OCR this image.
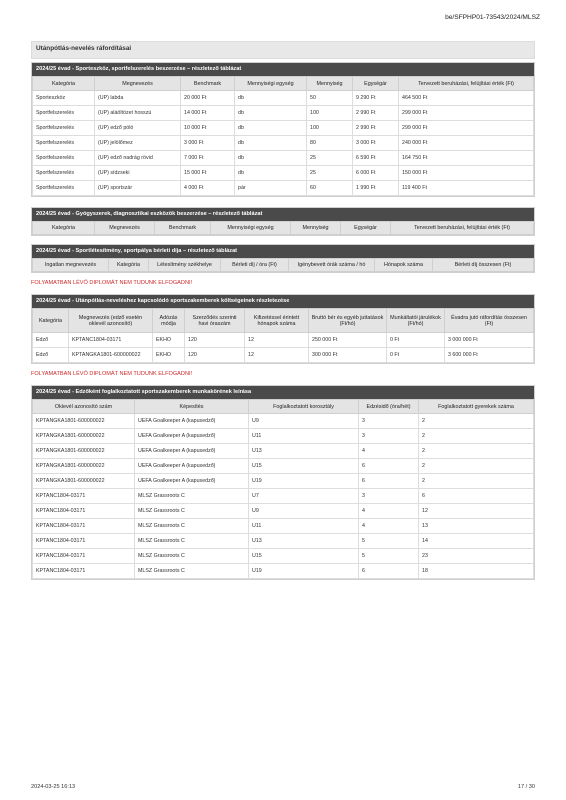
be/SFPHP01-73543/2024/MLSZ
Utánpótlás-nevelés ráfordításai
2024/25 évad - Sporteszköz, sportfelszerelés beszerzése – részletező táblázat
Kategória	Megnevezés	Benchmark	Mennyiségi egység	Mennyiség	Egységár	Tervezett beruházási, felújítási érték (Ft)
Sporteszköz	(UP) labda	20 000 Ft	db	50	9 290 Ft	464 500 Ft
Sportfelszerelés	(UP) aláöltözet hosszú	14 000 Ft	db	100	2 990 Ft	299 000 Ft
Sportfelszerelés	(UP) edző póló	10 000 Ft	db	100	2 990 Ft	299 000 Ft
Sportfelszerelés	(UP) jelölőmez	3 000 Ft	db	80	3 000 Ft	240 000 Ft
Sportfelszerelés	(UP) edző nadrág rövid	7 000 Ft	db	25	6 590 Ft	164 750 Ft
Sportfelszerelés	(UP) sídzseki	15 000 Ft	db	25	6 000 Ft	150 000 Ft
Sportfelszerelés	(UP) sportszár	4 000 Ft	pár	60	1 990 Ft	119 400 Ft
2024/25 évad - Gyógyszerek, diagnosztikai eszközök beszerzése – részletező táblázat
Kategória	Megnevezés	Benchmark	Mennyiségi egység	Mennyiség	Egységár	Tervezett beruházási, felújítási érték (Ft)
2024/25 évad - Sportlétesítmény, sportpálya bérleti díja – részletező táblázat
Ingatlan megnevezés	Kategória	Létesítmény székhelye	Bérleti díj / óra (Ft)	Igénybevett órák száma / hó	Hónapok száma	Bérleti díj összesen (Ft)
FOLYAMATBAN LÉVŐ DIPLOMÁT NEM TUDUNK ELFOGADNI!
2024/25 évad - Utánpótlás-neveléshez kapcsolódó sportszakemberek költségeinek részletezése
Kategória	Megnevezés (edző esetén oklevél azonosító)	Adózás módja	Szerződés szerinti havi óraszám	Kifizetéssel érintett hónapok száma	Bruttó bér és egyéb juttatások (Ft/hó)	Munkáltatói járulékok (Ft/hó)	Évadra jutó ráfordítás összesen (Ft)
Edző	KPTANC1804-03171	EKHO	120	12	250 000 Ft	0 Ft	3 000 000 Ft
Edző	KPTANGKA1801-600000022	EKHO	120	12	300 000 Ft	0 Ft	3 600 000 Ft
FOLYAMATBAN LÉVŐ DIPLOMÁT NEM TUDUNK ELFOGADNI!
2024/25 évad - Edzőként foglalkoztatott sportszakemberek munkakörének leírása
Oklevél azonosító szám	Képesítés	Foglalkoztatott korosztály	Edzésidő (óra/hét)	Foglalkoztatott gyerekek száma
KPTANGKA1801-600000022	UEFA Goalkeeper A (kapusedző)	U9	3	2
KPTANGKA1801-600000022	UEFA Goalkeeper A (kapusedző)	U11	3	2
KPTANGKA1801-600000022	UEFA Goalkeeper A (kapusedző)	U13	4	2
KPTANGKA1801-600000022	UEFA Goalkeeper A (kapusedző)	U15	6	2
KPTANGKA1801-600000022	UEFA Goalkeeper A (kapusedző)	U19	6	2
KPTANC1804-03171	MLSZ Grassroots C	U7	3	6
KPTANC1804-03171	MLSZ Grassroots C	U9	4	12
KPTANC1804-03171	MLSZ Grassroots C	U11	4	13
KPTANC1804-03171	MLSZ Grassroots C	U13	5	14
KPTANC1804-03171	MLSZ Grassroots C	U15	5	23
KPTANC1804-03171	MLSZ Grassroots C	U19	6	18
2024-03-25 16:13	17 / 30
